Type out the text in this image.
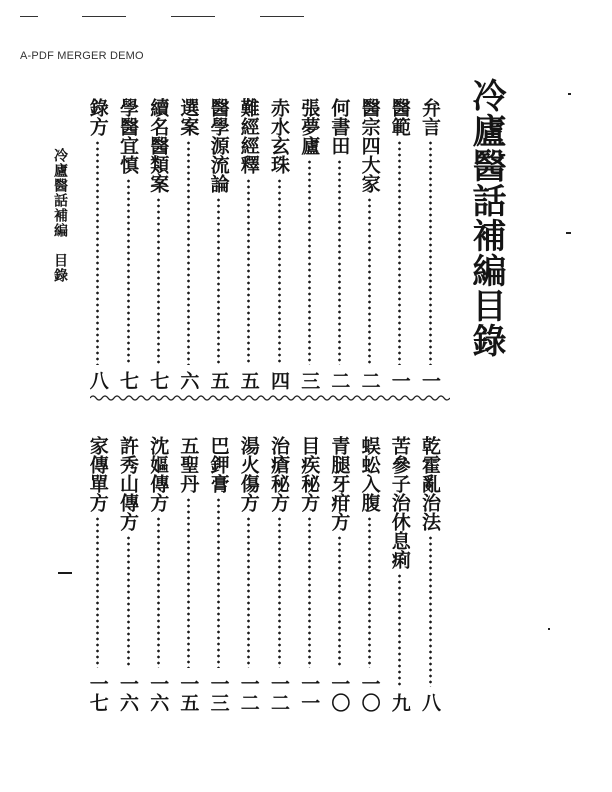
A-PDF MERGER DEMO
冷廬醫話補編目錄
弁言
一
醫範
一
醫宗四大家
二
何書田
二
張夢廬
三
赤水玄珠
四
難經經釋
五
醫學源流論
五
選案
六
續名醫類案
七
學醫宜慎
七
錄方
八
乾霍亂治法
八
苦參子治休息痢
九
蜈蚣入腹
一〇
青腿牙疳方
一〇
目疾秘方
一一
治瘡秘方
一二
湯火傷方
一二
巴鉀膏
一三
五聖丹
一五
沈嫗傳方
一六
許秀山傳方
一六
家傳單方
一七
冷廬醫話補編　目錄
